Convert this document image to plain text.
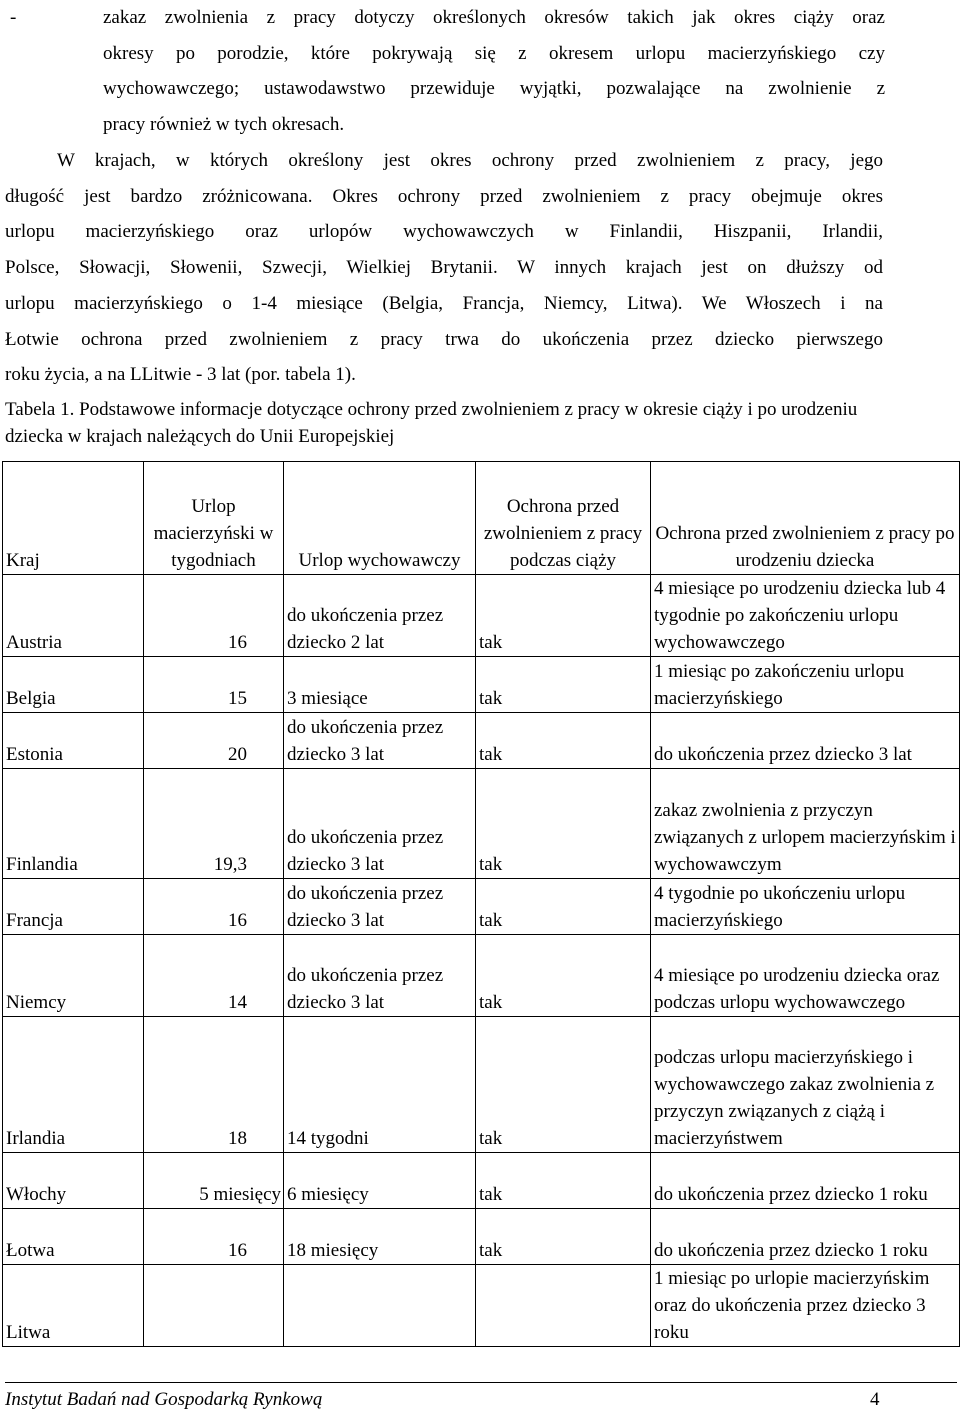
-	zakaz zwolnienia z pracy dotyczy określonych okresów takich jak okres ciąży oraz
okresy po porodzie, które pokrywają się z okresem urlopu macierzyńskiego czy
wychowawczego; ustawodawstwo przewiduje wyjątki, pozwalające na zwolnienie z
pracy również w tych okresach.
W krajach, w których określony jest okres ochrony przed zwolnieniem z pracy, jego
długość jest bardzo zróżnicowana. Okres ochrony przed zwolnieniem z pracy obejmuje okres
urlopu macierzyńskiego oraz urlopów wychowawczych w Finlandii, Hiszpanii, Irlandii,
Polsce, Słowacji, Słowenii, Szwecji, Wielkiej Brytanii. W innych krajach jest on dłuższy od
urlopu macierzyńskiego o 1-4 miesiące (Belgia, Francja, Niemcy, Litwa). We Włoszech i na
Łotwie ochrona przed zwolnieniem z pracy trwa do ukończenia przez dziecko pierwszego
roku życia, a na LLitwie - 3 lat (por. tabela 1).
Tabela 1. Podstawowe informacje dotyczące ochrony przed zwolnieniem z pracy w okresie ciąży i po urodzeniu dziecka w krajach należących do Unii Europejskiej
Kraj	Urlop macierzyński w tygodniach	Urlop wychowawczy	Ochrona przed zwolnieniem z pracy podczas ciąży	Ochrona przed zwolnieniem z pracy po urodzeniu dziecka
Austria	16	do ukończenia przez dziecko 2 lat	tak	4 miesiące po urodzeniu dziecka lub 4 tygodnie po zakończeniu urlopu wychowawczego
Belgia	15	3 miesiące	tak	1 miesiąc po zakończeniu urlopu macierzyńskiego
Estonia	20	do ukończenia przez dziecko 3 lat	tak	do ukończenia przez dziecko 3 lat
Finlandia	19,3	do ukończenia przez dziecko 3 lat	tak	zakaz zwolnienia z przyczyn związanych z urlopem macierzyńskim i wychowawczym
Francja	16	do ukończenia przez dziecko 3 lat	tak	4 tygodnie po ukończeniu urlopu macierzyńskiego
Niemcy	14	do ukończenia przez dziecko 3 lat	tak	4 miesiące po urodzeniu dziecka oraz podczas urlopu wychowawczego
Irlandia	18	14 tygodni	tak	podczas urlopu macierzyńskiego i wychowawczego zakaz zwolnienia z przyczyn związanych z ciążą i macierzyństwem
Włochy	5 miesięcy	6 miesięcy	tak	do ukończenia przez dziecko 1 roku
Łotwa	16	18 miesięcy	tak	do ukończenia przez dziecko 1 roku
Litwa				1 miesiąc po urlopie macierzyńskim oraz do ukończenia przez dziecko 3 roku
Instytut Badań nad Gospodarką Rynkową	4
